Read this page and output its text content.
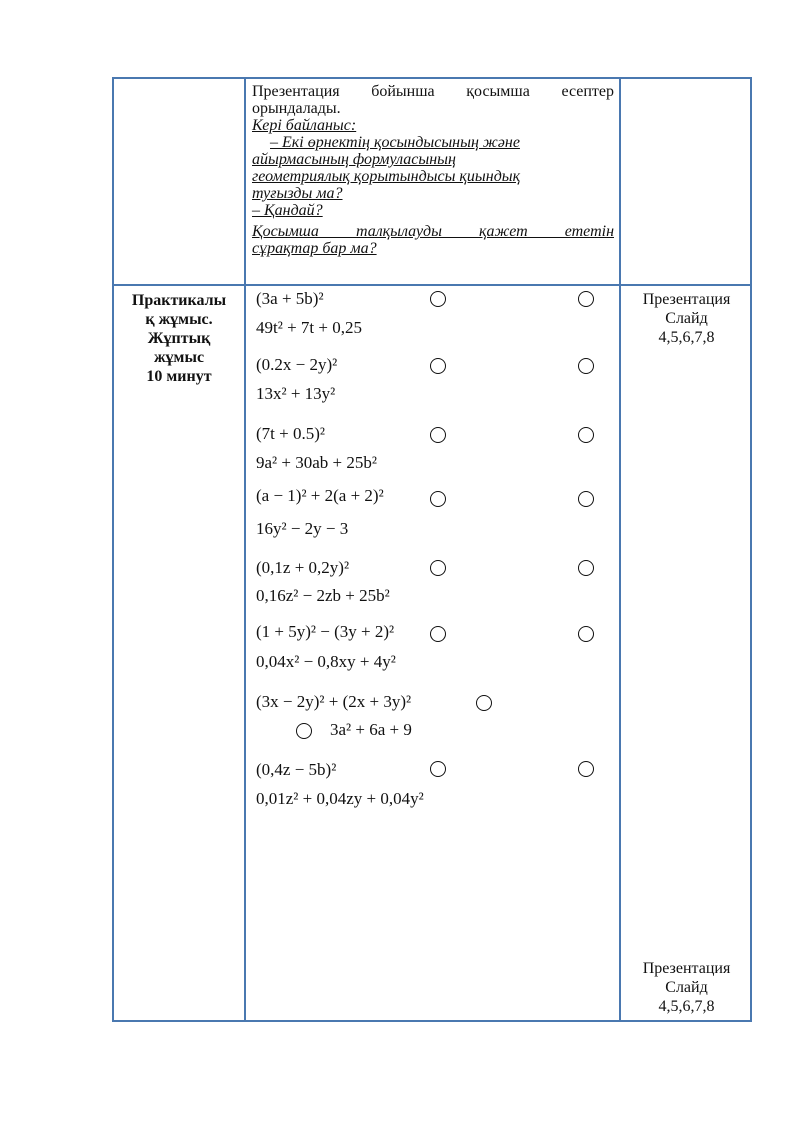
Презентация бойынша қосымша есептер

орындалады.

Кері байланыс:

– Екі өрнектің қосындысының және

айырмасының формуласының

геометриялық қорытындысы қиындық

туғызды ма?

– Қандай?

Қосымша талқылауды қажет ететін

сұрақтар бар ма?

Практикалы
қ жұмыс.
Жұптық
жұмыс
10 минут
Презентация
Слайд
4,5,6,7,8
Презентация
Слайд
4,5,6,7,8
(3a + 5b)²
49t² + 7t + 0,25
(0.2x − 2y)²
13x² + 13y²
(7t + 0.5)²
9a² + 30ab + 25b²
(a − 1)² + 2(a + 2)²
16y² − 2y − 3
(0,1z + 0,2y)²
0,16z² − 2zb + 25b²
(1 + 5y)² − (3y + 2)²
0,04x² − 0,8xy + 4y²
(3x − 2y)² + (2x + 3y)²
3a² + 6a + 9
(0,4z − 5b)²
0,01z² + 0,04zy + 0,04y²
